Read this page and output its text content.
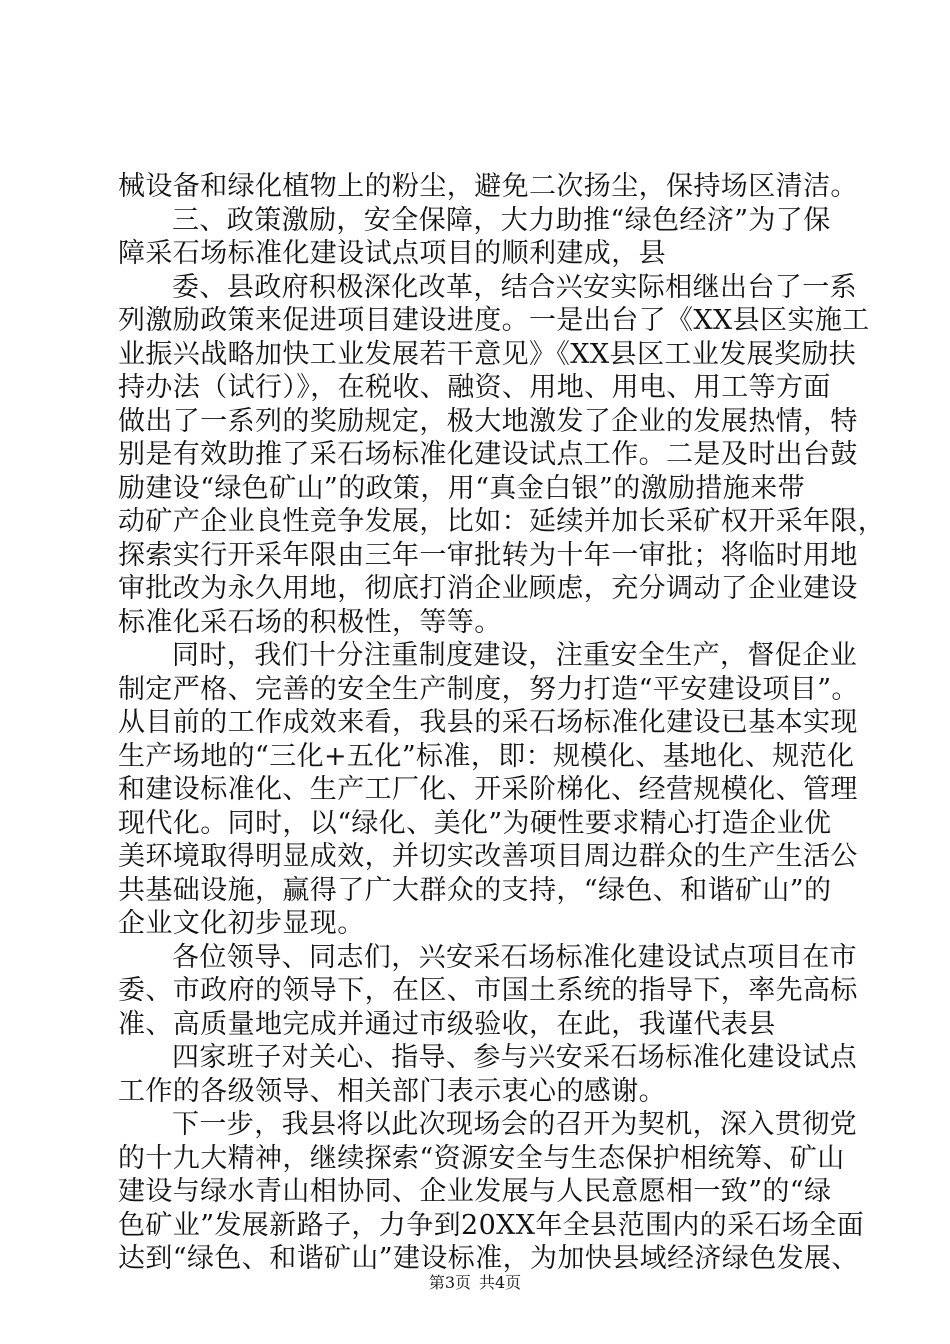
械设备和绿化植物上的粉尘，避免二次扬尘，保持场区清洁。
三、政策激励，安全保障，大力助推“绿色经济”为了保
障采石场标准化建设试点项目的顺利建成，县
委、县政府积极深化改革，结合兴安实际相继出台了一系
列激励政策来促进项目建设进度。一是出台了《XX县区实施工
业振兴战略加快工业发展若干意见》《XX县区工业发展奖励扶
持办法（试行）》，在税收、融资、用地、用电、用工等方面
做出了一系列的奖励规定，极大地激发了企业的发展热情，特
别是有效助推了采石场标准化建设试点工作。二是及时出台鼓
励建设“绿色矿山”的政策，用“真金白银”的激励措施来带
动矿产企业良性竞争发展，比如：延续并加长采矿权开采年限，
探索实行开采年限由三年一审批转为十年一审批；将临时用地
审批改为永久用地，彻底打消企业顾虑，充分调动了企业建设
标准化采石场的积极性，等等。
同时，我们十分注重制度建设，注重安全生产，督促企业
制定严格、完善的安全生产制度，努力打造“平安建设项目”。
从目前的工作成效来看，我县的采石场标准化建设已基本实现
生产场地的“三化+五化”标准，即：规模化、基地化、规范化
和建设标准化、生产工厂化、开采阶梯化、经营规模化、管理
现代化。同时，以“绿化、美化”为硬性要求精心打造企业优
美环境取得明显成效，并切实改善项目周边群众的生产生活公
共基础设施，赢得了广大群众的支持，“绿色、和谐矿山”的
企业文化初步显现。
各位领导、同志们，兴安采石场标准化建设试点项目在市
委、市政府的领导下，在区、市国土系统的指导下，率先高标
准、高质量地完成并通过市级验收，在此，我谨代表县
四家班子对关心、指导、参与兴安采石场标准化建设试点
工作的各级领导、相关部门表示衷心的感谢。
下一步，我县将以此次现场会的召开为契机，深入贯彻党
的十九大精神，继续探索“资源安全与生态保护相统筹、矿山
建设与绿水青山相协同、企业发展与人民意愿相一致”的“绿
色矿业”发展新路子，力争到20XX年全县范围内的采石场全面
达到“绿色、和谐矿山”建设标准，为加快县域经济绿色发展、
第3页 共4页
